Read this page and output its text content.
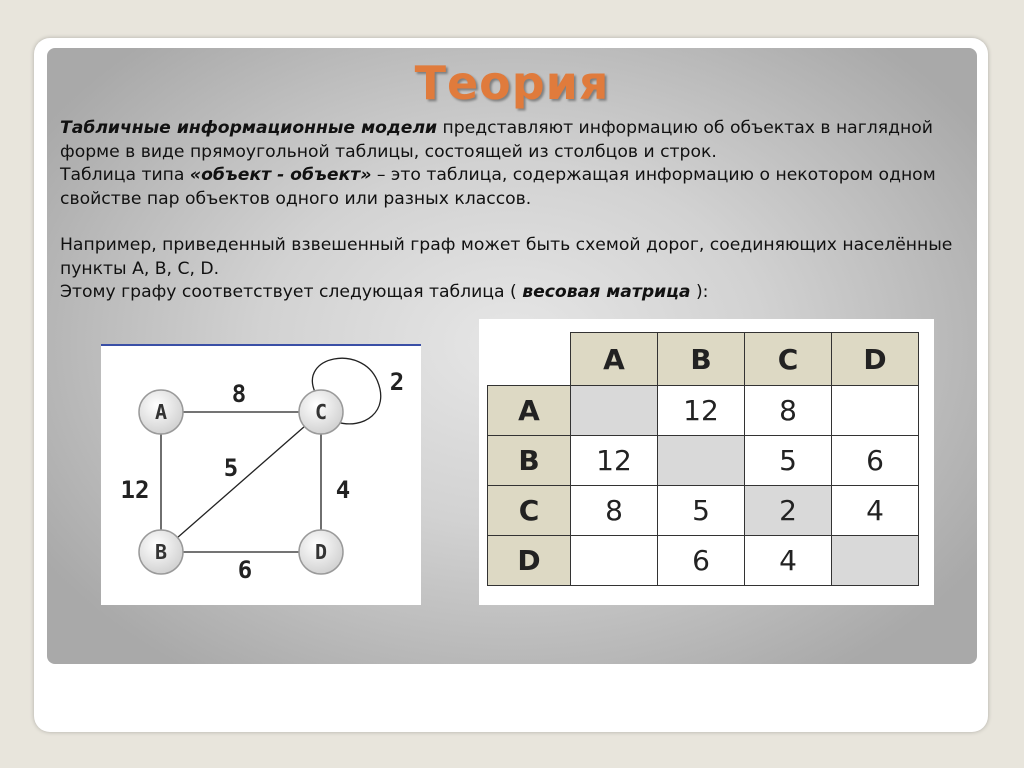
Теория

Табличные информационные модели представляют информацию об объектах в наглядной форме в виде прямоугольной таблицы, состоящей из столбцов и строк.
Таблица типа «объект - объект» – это таблица, содержащая информацию о некотором одном свойстве пар объектов одного или разных классов.

Например, приведенный взвешенный граф может быть схемой дорог, соединяющих населённые пункты A, B, C, D.
Этому графу соответствует следующая таблица ( весовая матрица ):

8
12
5
4
6
2
A	C
B	D
	A	B	C	D
A		12	8	
B	12		5	6
C	8	5	2	4
D		6	4	
